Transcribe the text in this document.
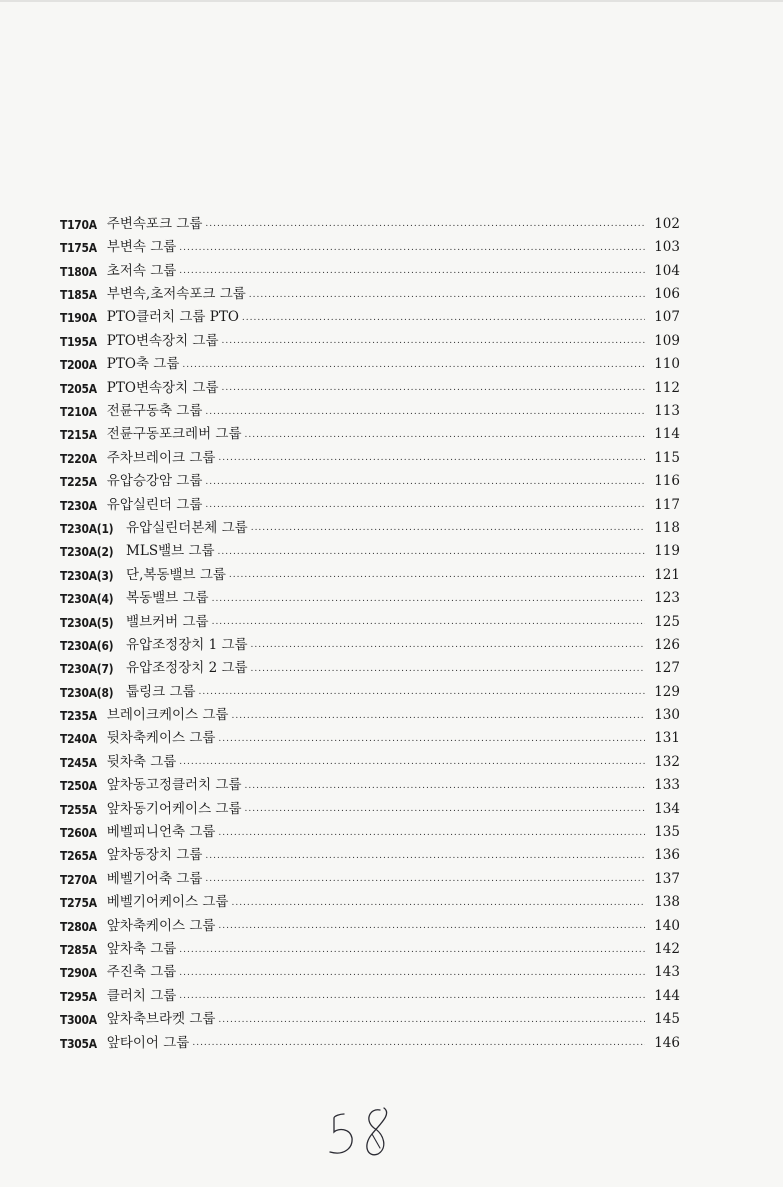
T170A 주변속포크 그룹 .....	102
T175A 부변속 그룹 .....	103
T180A 초저속 그룹 .....	104
T185A 부변속,초저속포크 그룹 .....	106
T190A PTO클러치 그룹 PTO .....	107
T195A PTO변속장치 그룹 .....	109
T200A PTO축 그룹 .....	110
T205A PTO변속장치 그룹 .....	112
T210A 전륜구동축 그룹 .....	113
T215A 전륜구동포크레버 그룹 .....	114
T220A 주차브레이크 그룹 .....	115
T225A 유압승강암 그룹 .....	116
T230A 유압실린더 그룹 .....	117
T230A(1) 유압실린더본체 그룹 .....	118
T230A(2) MLS밸브 그룹 .....	119
T230A(3) 단,복동밸브 그룹 .....	121
T230A(4) 복동밸브 그룹 .....	123
T230A(5) 밸브커버 그룹 .....	125
T230A(6) 유압조정장치 1 그룹 .....	126
T230A(7) 유압조정장치 2 그룹 .....	127
T230A(8) 툽링크 그룹 .....	129
T235A 브레이크케이스 그룹 .....	130
T240A 뒷차축케이스 그룹 .....	131
T245A 뒷차축 그룹 .....	132
T250A 앞차동고정클러치 그룹 .....	133
T255A 앞차동기어케이스 그룹 .....	134
T260A 베벨피니언축 그룹 .....	135
T265A 앞차동장치 그룹 .....	136
T270A 베벨기어축 그룹 .....	137
T275A 베벨기어케이스 그룹 .....	138
T280A 앞차축케이스 그룹 .....	140
T285A 앞차축 그룹 .....	142
T290A 주진축 그룹 .....	143
T295A 클러치 그룹 .....	144
T300A 앞차축브라켓 그룹 .....	145
T305A 앞타이어 그룹 .....	146
